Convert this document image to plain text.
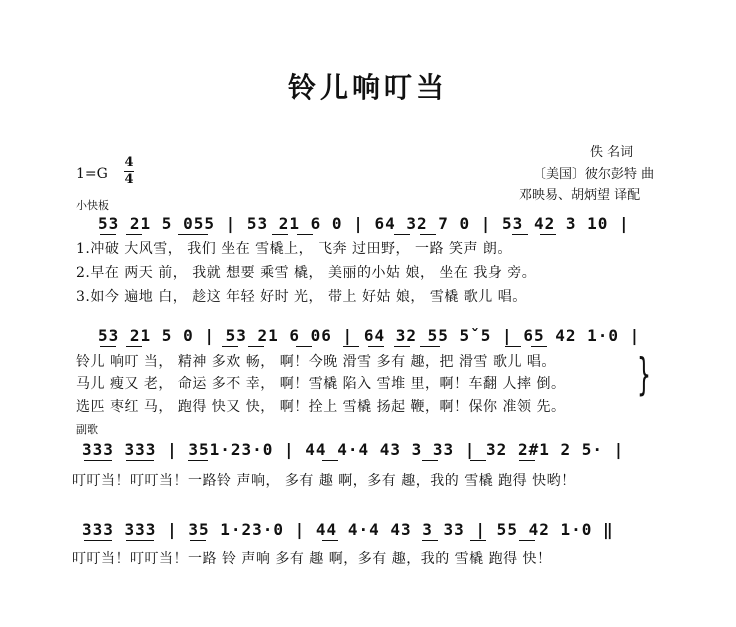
铃儿响叮当
佚 名词
〔美国〕彼尔彭特 曲
邓映易、胡炳望 译配
1=G
4
4
小快板
53 21 5 055 | 53 21 6 0 | 64 32 7 0 | 53 42 3 10 |
1.冲破 大风雪， 我们 坐在 雪橇上， 飞奔 过田野， 一路 笑声 朗。
2.早在 两天 前， 我就 想要 乘雪 橇， 美丽的小姑 娘， 坐在 我身 旁。
3.如今 遍地 白， 趁这 年轻 好时 光， 带上 好姑 娘， 雪橇 歌儿 唱。
53 21 5 0 | 53 21 6 06 | 64 32 55 5ˇ5 | 65 42 1·0 |
铃儿 响叮 当， 精神 多欢 畅， 啊！今晚 滑雪 多有 趣，把 滑雪 歌儿 唱。
马儿 瘦又 老， 命运 多不 幸， 啊！雪橇 陷入 雪堆 里，啊！车翻 人摔 倒。
选匹 枣红 马， 跑得 快又 快， 啊！拴上 雪橇 扬起 鞭，啊！保你 准领 先。
}
副歌
333 333 | 351·23·0 | 44 4·4 43 3 33 | 32 2#1 2 5· |
叮叮当！叮叮当！一路铃 声响， 多有 趣 啊，多有 趣，我的 雪橇 跑得 快哟！
333 333 | 35 1·23·0 | 44 4·4 43 3 33 | 55 42 1·0 ‖
叮叮当！叮叮当！一路 铃 声响 多有 趣 啊，多有 趣，我的 雪橇 跑得 快！
